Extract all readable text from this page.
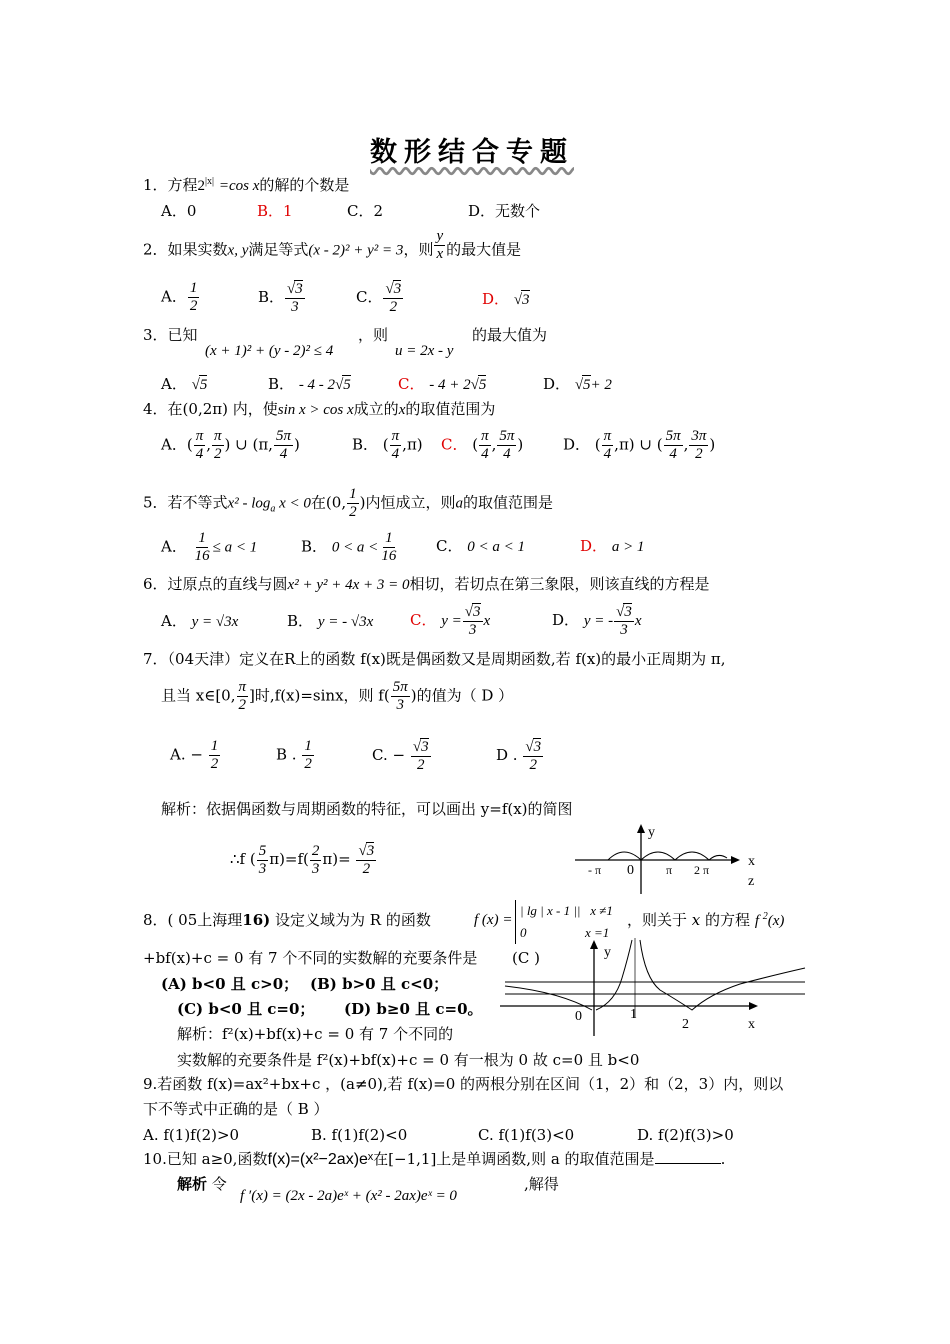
数形结合专题
1．方程$2^{|x|} =\cos$ x的解的个数是
A．0	B．1	C．2	D．无数个
2．如果实数x, y满足等式(x - 2)² + y² = 3，则 $\frac{y}{x}$ 的最大值是
A． $\frac{1}{2}$	B． $\frac{√3}{3}$	C． $\frac{√3}{2}$	D． √3
3．已知
(x + 1)² + (y - 2)² ≤ 4
，则
u = 2x - y
的最大值为
A． √5	B． - 4 - 2√5	C． - 4 + 2√5	D． √5+ 2
4．在(0,2π) 内，使sin x > cos x成立的x的取值范围为
A．( $\frac{\pi}{4}$ , $\frac{\pi}{2}$ ) ∪ (π, $\frac{5\pi}{4}$ )	B． ( $\frac{\pi}{4} ,\pi$) C． ( $\frac{\pi}{4}$ , $\frac{5\pi}{4}$ )	D． ( $\frac{\pi}{4} ,\pi$) ∪ ( $\frac{5\pi}{4}$ , $\frac{3\pi}{2}$ )
5．若不等式$x^2 - \log_a x < 0$在(0, $\frac{1}{2}$ )内恒成立，则a的取值范围是
A． $\frac{1}{16} \le a < 1$	B． $0 < a < \frac{1}{16}$	C． 0 < a < 1	D． a > 1
6．过原点的直线与圆x² + y² + 4x + 3 = 0相切，若切点在第三象限，则该直线的方程是
A． y = √3x	B． y = - √3x C． $y = \frac{√3}{3}$ x	D． y = - $\frac{√3}{3}$ x
7．（04天津）定义在R上的函数 f(x)既是偶函数又是周期函数,若 f(x)的最小正周期为 π,
且当 x∈[0, $\frac{\pi}{2}$ ]时,f(x)=sinx，则 $f( \frac{5\pi}{3}$ )的值为（ D ）
A. − $\frac{1}{2}$	B . $\frac{1}{2}$	C. − $\frac{√3}{2}$	D . $\frac{√3}{2}$
解析：依据偶函数与周期函数的特征，可以画出 y=f(x)的简图
∴f ( $\frac{5}{3} \pi)=f( \frac{2}{3} \pi)= \frac{√3}{2}$
y
x
z
- π 0	π 2 π
8．( 05上海理16) 设定义域为为 R 的函数	f (x) =
| lg | x - 1 ||   x ≠1
0                  x =1
，则关于 x 的方程 f $^2$(x)
+bf(x)+c = 0 有 7 个不同的实数解的充要条件是 (C )
(A) b<0 且 c>0； (B) b>0 且 c<0；
(C) b<0 且 c=0； (D) b≥0 且 c=0。
解析：f²(x)+bf(x)+c = 0 有 7 个不同的
实数解的充要条件是 f²(x)+bf(x)+c = 0 有一根为 0 故 c=0 且 b<0
y
x
0	1
2
9.若函数 f(x)=ax²+bx+c ，(a≠0),若 f(x)=0 的两根分别在区间（1，2）和（2，3）内，则以
下不等式中正确的是（ B ）
A. f(1)f(2)>0	B. f(1)f(2)<0	C. f(1)f(3)<0	D. f(2)f(3)>0
10.已知 a≥0,函数f(x)=(x²−2ax)eˣ在[−1,1]上是单调函数,则 a 的取值范围是	.
解析 令
f ′(x) = (2x - 2a)eˣ + (x² - 2ax)eˣ = 0
,解得
